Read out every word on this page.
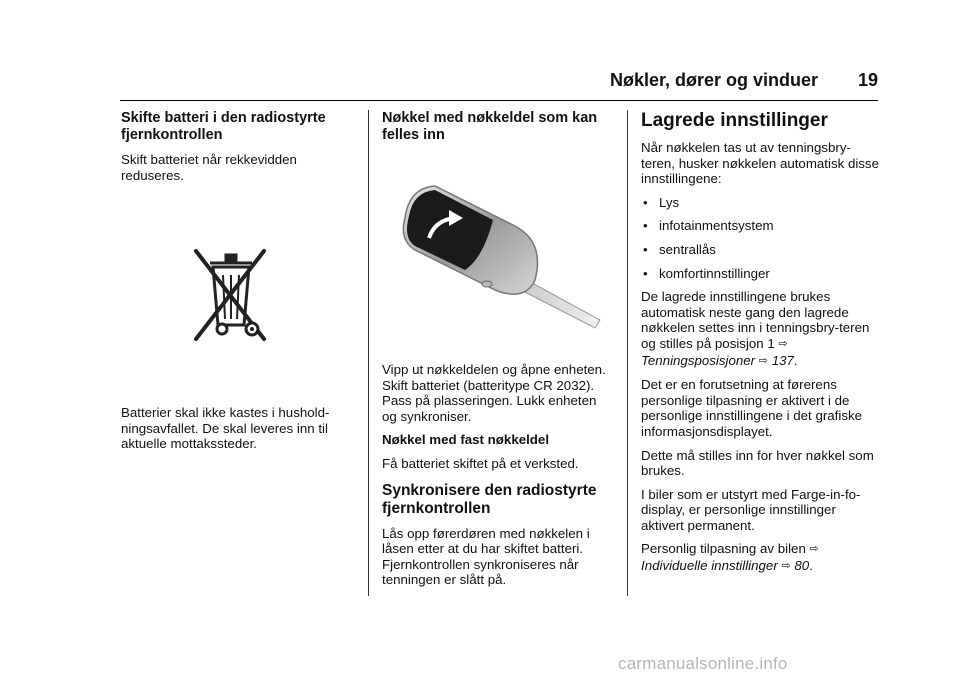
Nøkler, dører og vinduer 19
Skifte batteri i den radiostyrte fjernkontrollen

Skift batteriet når rekkevidden reduseres.

Batterier skal ikke kastes i hushold-ningsavfallet. De skal leveres inn til aktuelle mottakssteder.

Nøkkel med nøkkeldel som kan felles inn

Vipp ut nøkkeldelen og åpne enheten. Skift batteriet (batteritype CR 2032). Pass på plasseringen. Lukk enheten og synkroniser.

Nøkkel med fast nøkkeldel

Få batteriet skiftet på et verksted.

Synkronisere den radiostyrte fjernkontrollen

Lås opp førerdøren med nøkkelen i låsen etter at du har skiftet batteri. Fjernkontrollen synkroniseres når tenningen er slått på.

Lagrede innstillinger

Når nøkkelen tas ut av tenningsbry-teren, husker nøkkelen automatisk disse innstillingene:

• Lys
• infotainmentsystem
• sentrallås
• komfortinnstillinger

De lagrede innstillingene brukes automatisk neste gang den lagrede nøkkelen settes inn i tenningsbry-teren og stilles på posisjon 1 ⇨
Tenningsposisjoner ⇨ 137.

Det er en forutsetning at førerens personlige tilpasning er aktivert i de personlige innstillingene i det grafiske informasjonsdisplayet.

Dette må stilles inn for hver nøkkel som brukes.

I biler som er utstyrt med Farge-in-fo-display, er personlige innstillinger aktivert permanent.

Personlig tilpasning av bilen ⇨
Individuelle innstillinger ⇨ 80.

carmanualsonline.info
